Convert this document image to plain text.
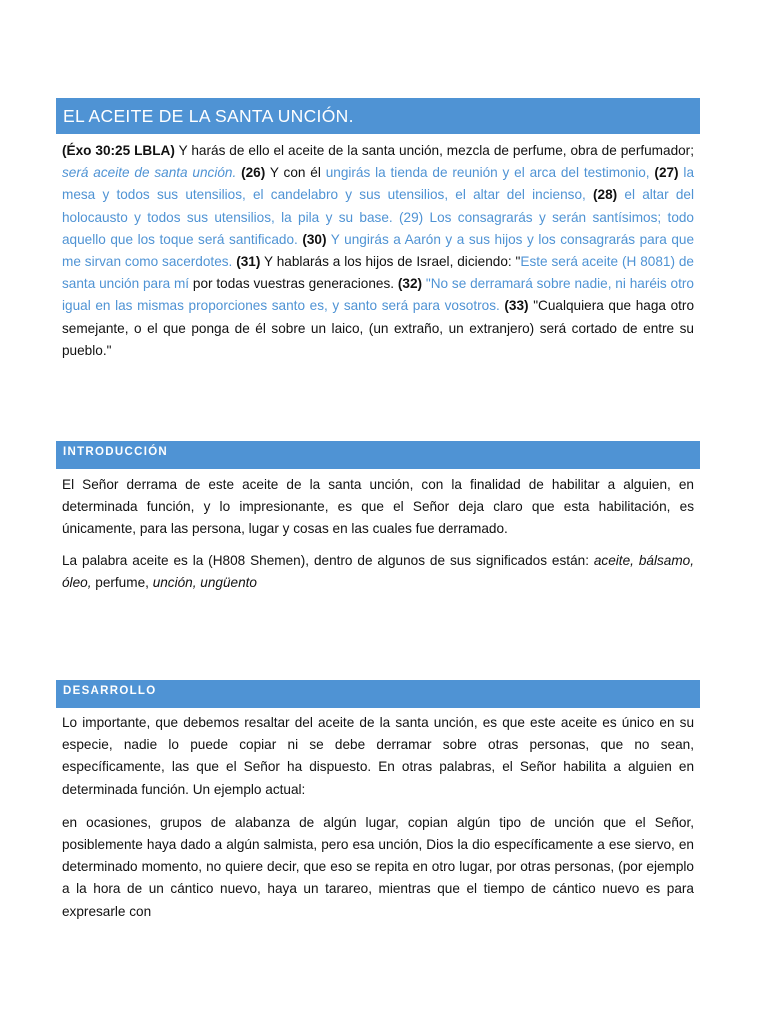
EL ACEITE DE LA SANTA UNCIÓN.

(Éxo 30:25 LBLA) Y harás de ello el aceite de la santa unción, mezcla de perfume, obra de perfumador; será aceite de santa unción. (26) Y con él ungirás la tienda de reunión y el arca del testimonio, (27) la mesa y todos sus utensilios, el candelabro y sus utensilios, el altar del incienso, (28) el altar del holocausto y todos sus utensilios, la pila y su base. (29) Los consagrarás y serán santísimos; todo aquello que los toque será santificado. (30) Y ungirás a Aarón y a sus hijos y los consagrarás para que me sirvan como sacerdotes. (31) Y hablarás a los hijos de Israel, diciendo: "Este será aceite (H 8081) de santa unción para mí por todas vuestras generaciones. (32) "No se derramará sobre nadie, ni haréis otro igual en las mismas proporciones santo es, y santo será para vosotros. (33) "Cualquiera que haga otro semejante, o el que ponga de él sobre un laico, (un extraño, un extranjero) será cortado de entre su pueblo."

INTRODUCCIÓN

El Señor derrama de este aceite de la santa unción, con la finalidad de habilitar a alguien, en determinada función, y lo impresionante, es que el Señor deja claro que esta habilitación, es únicamente, para las persona, lugar y cosas en las cuales fue derramado.

La palabra aceite es la (H808 Shemen), dentro de algunos de sus significados están: aceite, bálsamo, óleo, perfume, unción, ungüento

DESARROLLO

Lo importante, que debemos resaltar del aceite de la santa unción, es que este aceite es único en su especie, nadie lo puede copiar ni se debe derramar sobre otras personas, que no sean, específicamente, las que el Señor ha dispuesto. En otras palabras, el Señor habilita a alguien en determinada función. Un ejemplo actual:

en ocasiones, grupos de alabanza de algún lugar, copian algún tipo de unción que el Señor, posiblemente haya dado a algún salmista, pero esa unción, Dios la dio específicamente a ese siervo, en determinado momento, no quiere decir, que eso se repita en otro lugar, por otras personas, (por ejemplo a la hora de un cántico nuevo, haya un tarareo, mientras que el tiempo de cántico nuevo es para expresarle con
